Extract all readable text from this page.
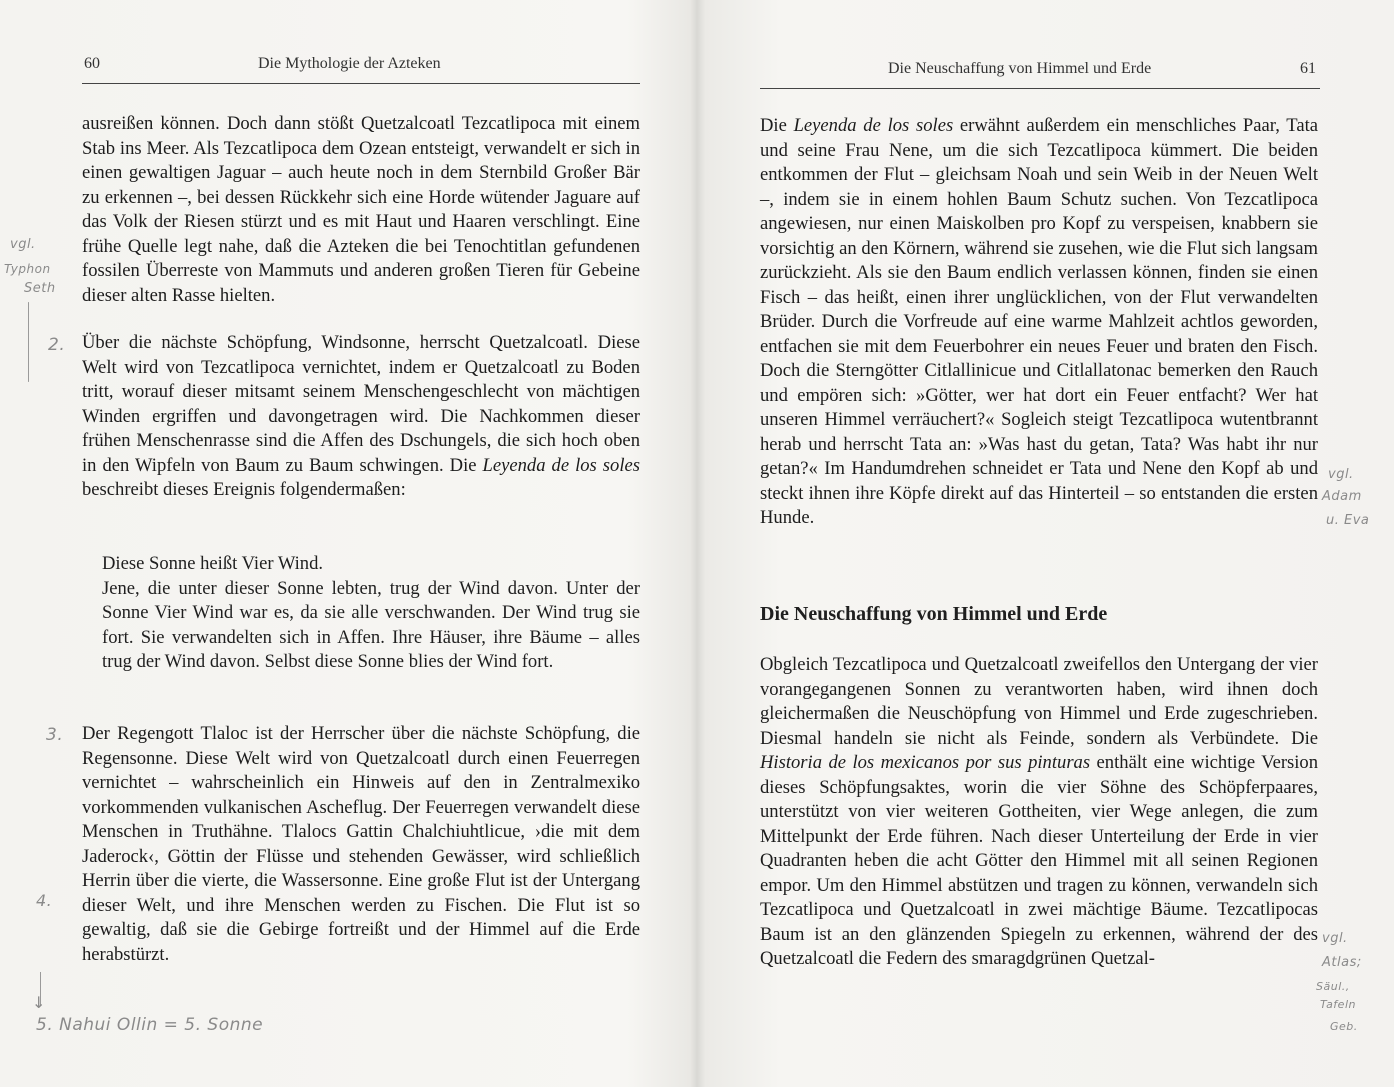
60	Die Mythologie der Azteken

ausreißen können. Doch dann stößt Quetzalcoatl Tezcatlipoca mit einem Stab ins Meer. Als Tezcatlipoca dem Ozean entsteigt, verwandelt er sich in einen gewaltigen Jaguar – auch heute noch in dem Sternbild Großer Bär zu erkennen –, bei dessen Rückkehr sich eine Horde wütender Jaguare auf das Volk der Riesen stürzt und es mit Haut und Haaren verschlingt. Eine frühe Quelle legt nahe, daß die Azteken die bei Tenochtitlan gefundenen fossilen Überreste von Mammuts und anderen großen Tieren für Gebeine dieser alten Rasse hielten.

Über die nächste Schöpfung, Windsonne, herrscht Quetzalcoatl. Diese Welt wird von Tezcatlipoca vernichtet, indem er Quetzalcoatl zu Boden tritt, worauf dieser mitsamt seinem Menschengeschlecht von mächtigen Winden ergriffen und davongetragen wird. Die Nachkommen dieser frühen Menschenrasse sind die Affen des Dschungels, die sich hoch oben in den Wipfeln von Baum zu Baum schwingen. Die Leyenda de los soles beschreibt dieses Ereignis folgendermaßen:

Diese Sonne heißt Vier Wind.

Jene, die unter dieser Sonne lebten, trug der Wind davon. Unter der Sonne Vier Wind war es, da sie alle verschwanden. Der Wind trug sie fort. Sie verwandelten sich in Affen. Ihre Häuser, ihre Bäume – alles trug der Wind davon. Selbst diese Sonne blies der Wind fort.

Der Regengott Tlaloc ist der Herrscher über die nächste Schöpfung, die Regensonne. Diese Welt wird von Quetzalcoatl durch einen Feuerregen vernichtet – wahrscheinlich ein Hinweis auf den in Zentralmexiko vorkommenden vulkanischen Ascheflug. Der Feuerregen verwandelt diese Menschen in Truthähne. Tlalocs Gattin Chalchiuhtlicue, ›die mit dem Jaderock‹, Göttin der Flüsse und stehenden Gewässer, wird schließlich Herrin über die vierte, die Wassersonne. Eine große Flut ist der Untergang dieser Welt, und ihre Menschen werden zu Fischen. Die Flut ist so gewaltig, daß sie die Gebirge fortreißt und der Himmel auf die Erde herabstürzt.

vgl.
Typhon
Seth
2.
3.
4.
↓
5. Nahui Ollin = 5. Sonne
Die Neuschaffung von Himmel und Erde	61

Die Leyenda de los soles erwähnt außerdem ein menschliches Paar, Tata und seine Frau Nene, um die sich Tezcatlipoca kümmert. Die beiden entkommen der Flut – gleichsam Noah und sein Weib in der Neuen Welt –, indem sie in einem hohlen Baum Schutz suchen. Von Tezcatlipoca angewiesen, nur einen Maiskolben pro Kopf zu verspeisen, knabbern sie vorsichtig an den Körnern, während sie zusehen, wie die Flut sich langsam zurückzieht. Als sie den Baum endlich verlassen können, finden sie einen Fisch – das heißt, einen ihrer unglücklichen, von der Flut verwandelten Brüder. Durch die Vorfreude auf eine warme Mahlzeit achtlos geworden, entfachen sie mit dem Feuerbohrer ein neues Feuer und braten den Fisch. Doch die Sterngötter Citlallinicue und Citlallatonac bemerken den Rauch und empören sich: »Götter, wer hat dort ein Feuer entfacht? Wer hat unseren Himmel verräuchert?« Sogleich steigt Tezcatlipoca wutentbrannt herab und herrscht Tata an: »Was hast du getan, Tata? Was habt ihr nur getan?« Im Handumdrehen schneidet er Tata und Nene den Kopf ab und steckt ihnen ihre Köpfe direkt auf das Hinterteil – so entstanden die ersten Hunde.

Die Neuschaffung von Himmel und Erde

Obgleich Tezcatlipoca und Quetzalcoatl zweifellos den Untergang der vier vorangegangenen Sonnen zu verantworten haben, wird ihnen doch gleichermaßen die Neuschöpfung von Himmel und Erde zugeschrieben. Diesmal handeln sie nicht als Feinde, sondern als Verbündete. Die Historia de los mexicanos por sus pinturas enthält eine wichtige Version dieses Schöpfungsaktes, worin die vier Söhne des Schöpferpaares, unterstützt von vier weiteren Gottheiten, vier Wege anlegen, die zum Mittelpunkt der Erde führen. Nach dieser Unterteilung der Erde in vier Quadranten heben die acht Götter den Himmel mit all seinen Regionen empor. Um den Himmel abstützen und tragen zu können, verwandeln sich Tezcatlipoca und Quetzalcoatl in zwei mächtige Bäume. Tezcatlipocas Baum ist an den glänzenden Spiegeln zu erkennen, während der des Quetzalcoatl die Federn des smaragdgrünen Quetzal-

vgl.
Adam
u. Eva
vgl.
Atlas;
Säul.,
Tafeln
Geb.
